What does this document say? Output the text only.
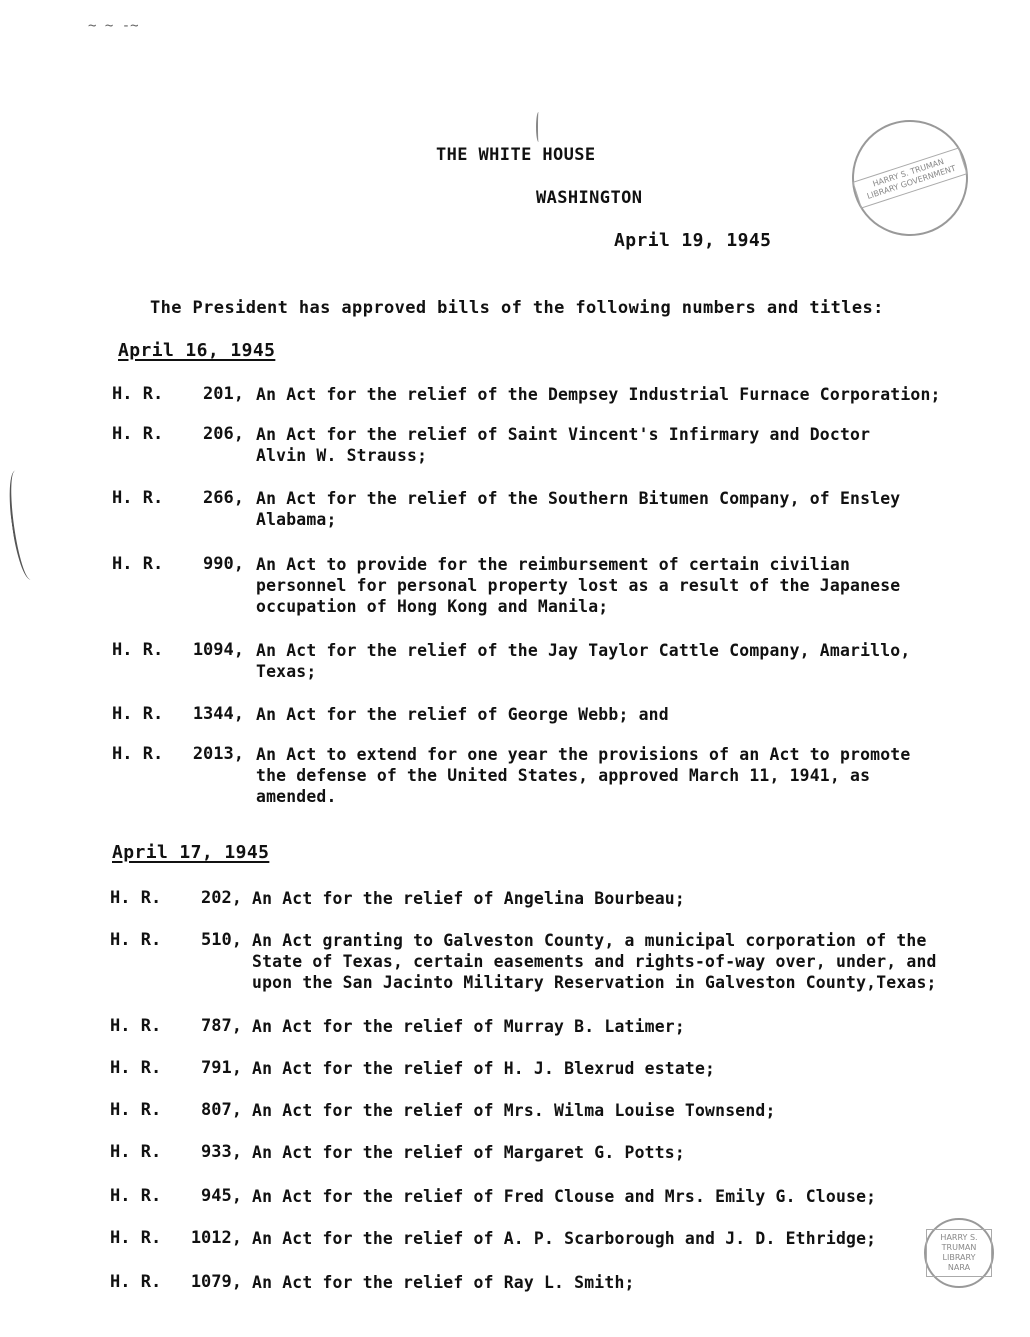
~ ~ -~
HARRY S. TRUMAN LIBRARY GOVERNMENT
HARRY S. TRUMAN LIBRARY NARA
THE WHITE HOUSE
WASHINGTON
April 19, 1945
The President has approved bills of the following numbers and titles:
April 16, 1945
H. R.	201, An Act for the relief of the Dempsey Industrial Furnace Corporation;
H. R.	206, An Act for the relief of Saint Vincent's Infirmary and Doctor
Alvin W. Strauss;
H. R.	266, An Act for the relief of the Southern Bitumen Company, of Ensley
Alabama;
H. R.	990, An Act to provide for the reimbursement of certain civilian
personnel for personal property lost as a result of the Japanese
occupation of Hong Kong and Manila;
H. R.	1094, An Act for the relief of the Jay Taylor Cattle Company, Amarillo,
Texas;
H. R.	1344, An Act for the relief of George Webb; and
H. R.	2013, An Act to extend for one year the provisions of an Act to promote
the defense of the United States, approved March 11, 1941, as
amended.
April 17, 1945
H. R.	202, An Act for the relief of Angelina Bourbeau;
H. R.	510, An Act granting to Galveston County, a municipal corporation of the
State of Texas, certain easements and rights-of-way over, under, and
upon the San Jacinto Military Reservation in Galveston County,Texas;
H. R.	787, An Act for the relief of Murray B. Latimer;
H. R.	791, An Act for the relief of H. J. Blexrud estate;
H. R.	807, An Act for the relief of Mrs. Wilma Louise Townsend;
H. R.	933, An Act for the relief of Margaret G. Potts;
H. R.	945, An Act for the relief of Fred Clouse and Mrs. Emily G. Clouse;
H. R.	1012, An Act for the relief of A. P. Scarborough and J. D. Ethridge;
H. R.	1079, An Act for the relief of Ray L. Smith;
